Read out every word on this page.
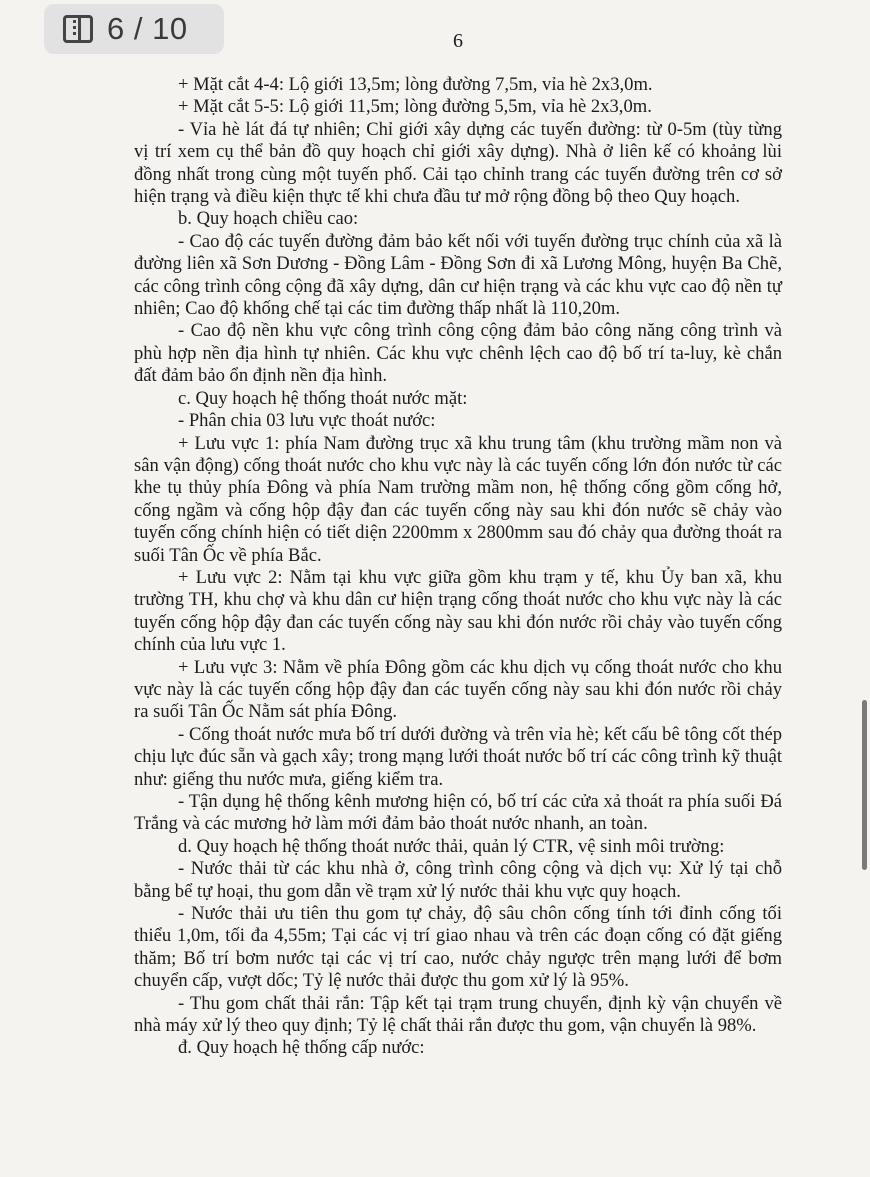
6 / 10	6

+ Mặt cắt 4-4: Lộ giới 13,5m; lòng đường 7,5m, vỉa hè 2x3,0m.

+ Mặt cắt 5-5: Lộ giới 11,5m; lòng đường 5,5m, vỉa hè 2x3,0m.

- Vỉa hè lát đá tự nhiên; Chỉ giới xây dựng các tuyến đường: từ 0-5m (tùy từng vị trí xem cụ thể bản đồ quy hoạch chỉ giới xây dựng). Nhà ở liên kế có khoảng lùi đồng nhất trong cùng một tuyến phố. Cải tạo chỉnh trang các tuyến đường trên cơ sở hiện trạng và điều kiện thực tế khi chưa đầu tư mở rộng đồng bộ theo Quy hoạch.

b. Quy hoạch chiều cao:

- Cao độ các tuyến đường đảm bảo kết nối với tuyến đường trục chính của xã là đường liên xã Sơn Dương - Đồng Lâm - Đồng Sơn đi xã Lương Mông, huyện Ba Chẽ, các công trình công cộng đã xây dựng, dân cư hiện trạng và các khu vực cao độ nền tự nhiên; Cao độ khống chế tại các tim đường thấp nhất là 110,20m.

- Cao độ nền khu vực công trình công cộng đảm bảo công năng công trình và phù hợp nền địa hình tự nhiên. Các khu vực chênh lệch cao độ bố trí ta-luy, kè chắn đất đảm bảo ổn định nền địa hình.

c. Quy hoạch hệ thống thoát nước mặt:

- Phân chia 03 lưu vực thoát nước:

+ Lưu vực 1: phía Nam đường trục xã khu trung tâm (khu trường mầm non và sân vận động) cống thoát nước cho khu vực này là các tuyến cống lớn đón nước từ các khe tụ thủy phía Đông và phía Nam trường mầm non, hệ thống cống gồm cống hở, cống ngầm và cống hộp đậy đan các tuyến cống này sau khi đón nước sẽ chảy vào tuyến cống chính hiện có tiết diện 2200mm x 2800mm sau đó chảy qua đường thoát ra suối Tân Ốc về phía Bắc.

+ Lưu vực 2: Nằm tại khu vực giữa gồm khu trạm y tế, khu Ủy ban xã, khu trường TH, khu chợ và khu dân cư hiện trạng cống thoát nước cho khu vực này là các tuyến cống hộp đậy đan các tuyến cống này sau khi đón nước rồi chảy vào tuyến cống chính của lưu vực 1.

+ Lưu vực 3: Nằm về phía Đông gồm các khu dịch vụ cống thoát nước cho khu vực này là các tuyến cống hộp đậy đan các tuyến cống này sau khi đón nước rồi chảy ra suối Tân Ốc Nằm sát phía Đông.

- Cống thoát nước mưa bố trí dưới đường và trên vỉa hè; kết cấu bê tông cốt thép chịu lực đúc sẵn và gạch xây; trong mạng lưới thoát nước bố trí các công trình kỹ thuật như: giếng thu nước mưa, giếng kiểm tra.

- Tận dụng hệ thống kênh mương hiện có, bố trí các cửa xả thoát ra phía suối Đá Trắng và các mương hở làm mới đảm bảo thoát nước nhanh, an toàn.

d. Quy hoạch hệ thống thoát nước thải, quản lý CTR, vệ sinh môi trường:

- Nước thải từ các khu nhà ở, công trình công cộng và dịch vụ: Xử lý tại chỗ bằng bể tự hoại, thu gom dẫn về trạm xử lý nước thải khu vực quy hoạch.

- Nước thải ưu tiên thu gom tự chảy, độ sâu chôn cống tính tới đỉnh cống tối thiểu 1,0m, tối đa 4,55m; Tại các vị trí giao nhau và trên các đoạn cống có đặt giếng thăm; Bố trí bơm nước tại các vị trí cao, nước chảy ngược trên mạng lưới để bơm chuyển cấp, vượt dốc; Tỷ lệ nước thải được thu gom xử lý là 95%.

- Thu gom chất thải rắn: Tập kết tại trạm trung chuyển, định kỳ vận chuyển về nhà máy xử lý theo quy định; Tỷ lệ chất thải rắn được thu gom, vận chuyển là 98%.

đ. Quy hoạch hệ thống cấp nước:
